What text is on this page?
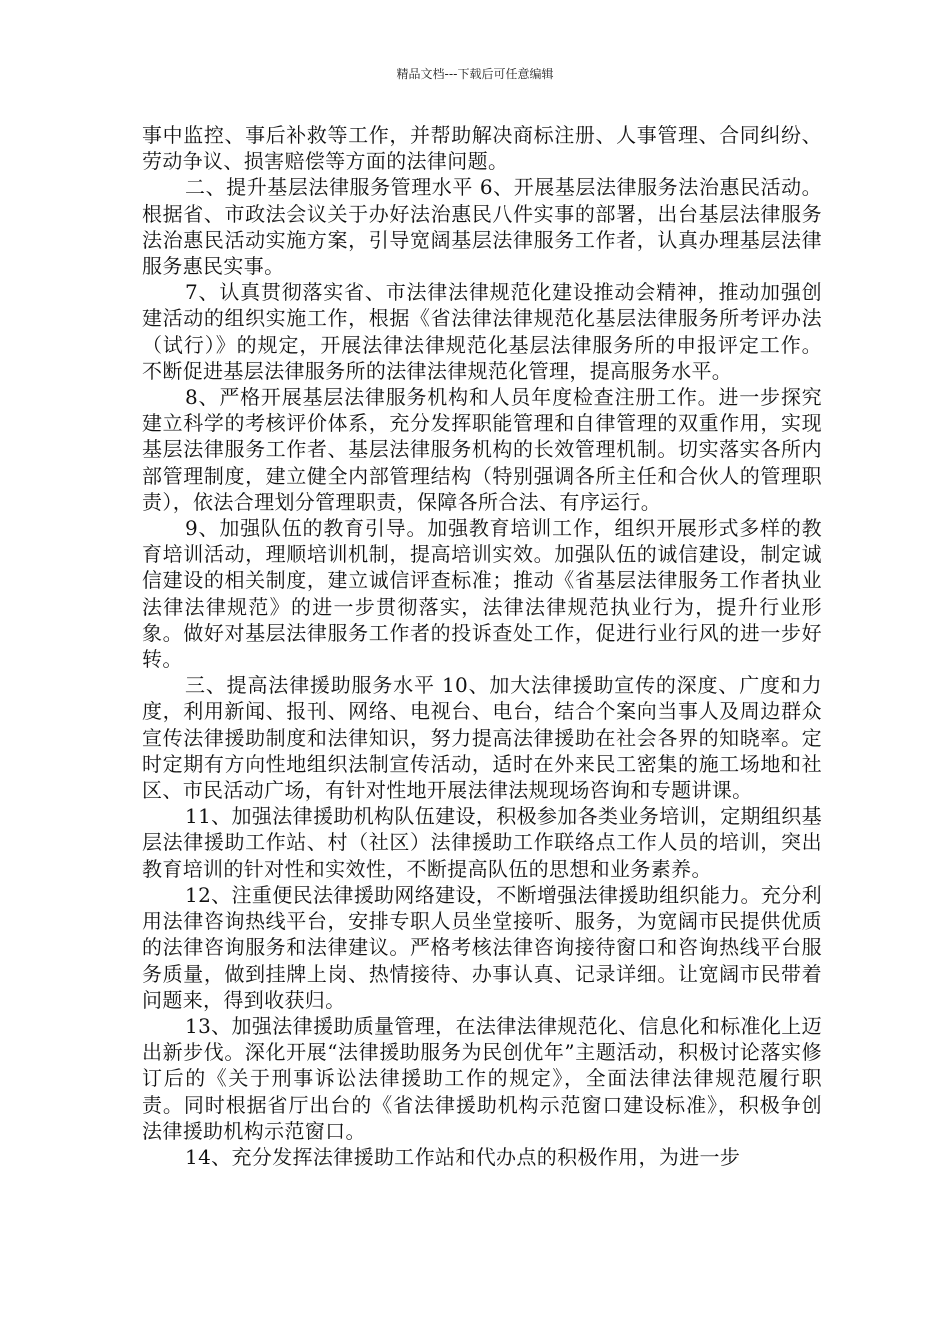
精品文档---下载后可任意编辑

事中监控、事后补救等工作，并帮助解决商标注册、人事管理、合同纠纷、劳动争议、损害赔偿等方面的法律问题。

二、提升基层法律服务管理水平 6、开展基层法律服务法治惠民活动。根据省、市政法会议关于办好法治惠民八件实事的部署，出台基层法律服务法治惠民活动实施方案，引导宽阔基层法律服务工作者，认真办理基层法律服务惠民实事。

7、认真贯彻落实省、市法律法律规范化建设推动会精神，推动加强创建活动的组织实施工作，根据《省法律法律规范化基层法律服务所考评办法（试行）》的规定，开展法律法律规范化基层法律服务所的申报评定工作。不断促进基层法律服务所的法律法律规范化管理，提高服务水平。

8、严格开展基层法律服务机构和人员年度检查注册工作。进一步探究建立科学的考核评价体系，充分发挥职能管理和自律管理的双重作用，实现基层法律服务工作者、基层法律服务机构的长效管理机制。切实落实各所内部管理制度，建立健全内部管理结构（特别强调各所主任和合伙人的管理职责），依法合理划分管理职责，保障各所合法、有序运行。

9、加强队伍的教育引导。加强教育培训工作，组织开展形式多样的教育培训活动，理顺培训机制，提高培训实效。加强队伍的诚信建设，制定诚信建设的相关制度，建立诚信评查标准；推动《省基层法律服务工作者执业法律法律规范》的进一步贯彻落实，法律法律规范执业行为，提升行业形象。做好对基层法律服务工作者的投诉查处工作，促进行业行风的进一步好转。

三、提高法律援助服务水平 10、加大法律援助宣传的深度、广度和力度，利用新闻、报刊、网络、电视台、电台，结合个案向当事人及周边群众宣传法律援助制度和法律知识，努力提高法律援助在社会各界的知晓率。定时定期有方向性地组织法制宣传活动，适时在外来民工密集的施工场地和社区、市民活动广场，有针对性地开展法律法规现场咨询和专题讲课。

11、加强法律援助机构队伍建设，积极参加各类业务培训，定期组织基层法律援助工作站、村（社区）法律援助工作联络点工作人员的培训，突出教育培训的针对性和实效性，不断提高队伍的思想和业务素养。

12、注重便民法律援助网络建设，不断增强法律援助组织能力。充分利用法律咨询热线平台，安排专职人员坐堂接听、服务，为宽阔市民提供优质的法律咨询服务和法律建议。严格考核法律咨询接待窗口和咨询热线平台服务质量，做到挂牌上岗、热情接待、办事认真、记录详细。让宽阔市民带着问题来，得到收获归。

13、加强法律援助质量管理，在法律法律规范化、信息化和标准化上迈出新步伐。深化开展“法律援助服务为民创优年”主题活动，积极讨论落实修订后的《关于刑事诉讼法律援助工作的规定》，全面法律法律规范履行职责。同时根据省厅出台的《省法律援助机构示范窗口建设标准》，积极争创法律援助机构示范窗口。

14、充分发挥法律援助工作站和代办点的积极作用，为进一步
